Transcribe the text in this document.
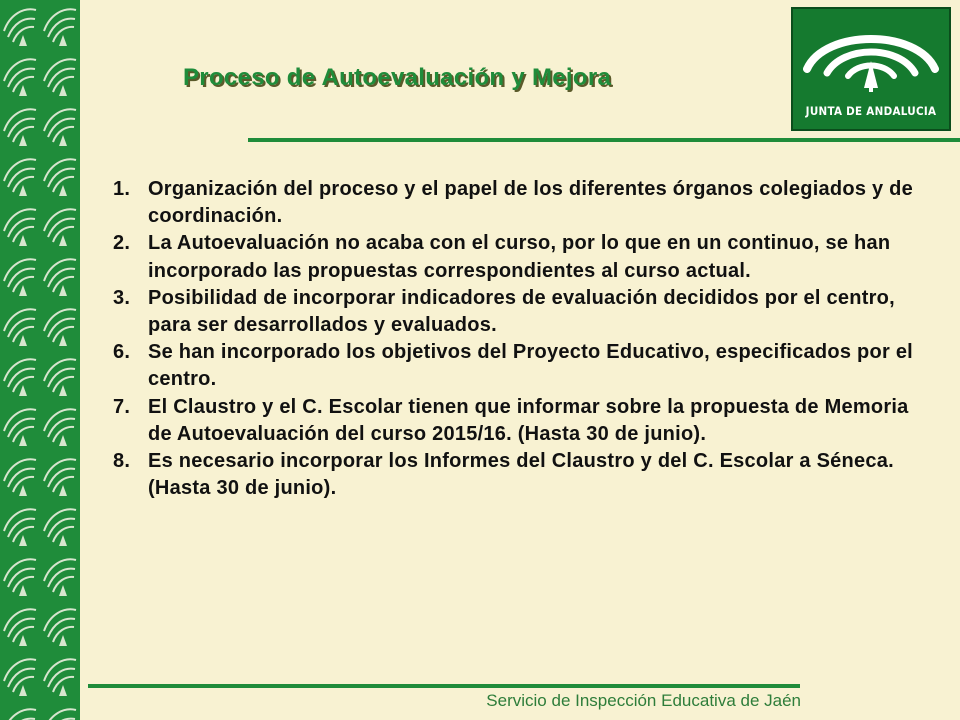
Proceso de Autoevaluación y Mejora
JUNTA DE ANDALUCIA
1. Organización del proceso y el papel de los diferentes órganos colegiados y de coordinación.
2. La Autoevaluación no acaba con el curso, por lo que en un continuo, se han incorporado las propuestas correspondientes al curso actual.
3. Posibilidad de incorporar indicadores de evaluación decididos por el centro, para ser desarrollados y evaluados.
6. Se han incorporado los objetivos del Proyecto Educativo, especificados por el centro.
7. El Claustro y el C. Escolar tienen que informar sobre la propuesta de Memoria de Autoevaluación del curso 2015/16. (Hasta 30 de junio).
8. Es necesario incorporar los Informes del Claustro y del C. Escolar a Séneca. (Hasta 30 de junio).
Servicio de Inspección Educativa de Jaén
